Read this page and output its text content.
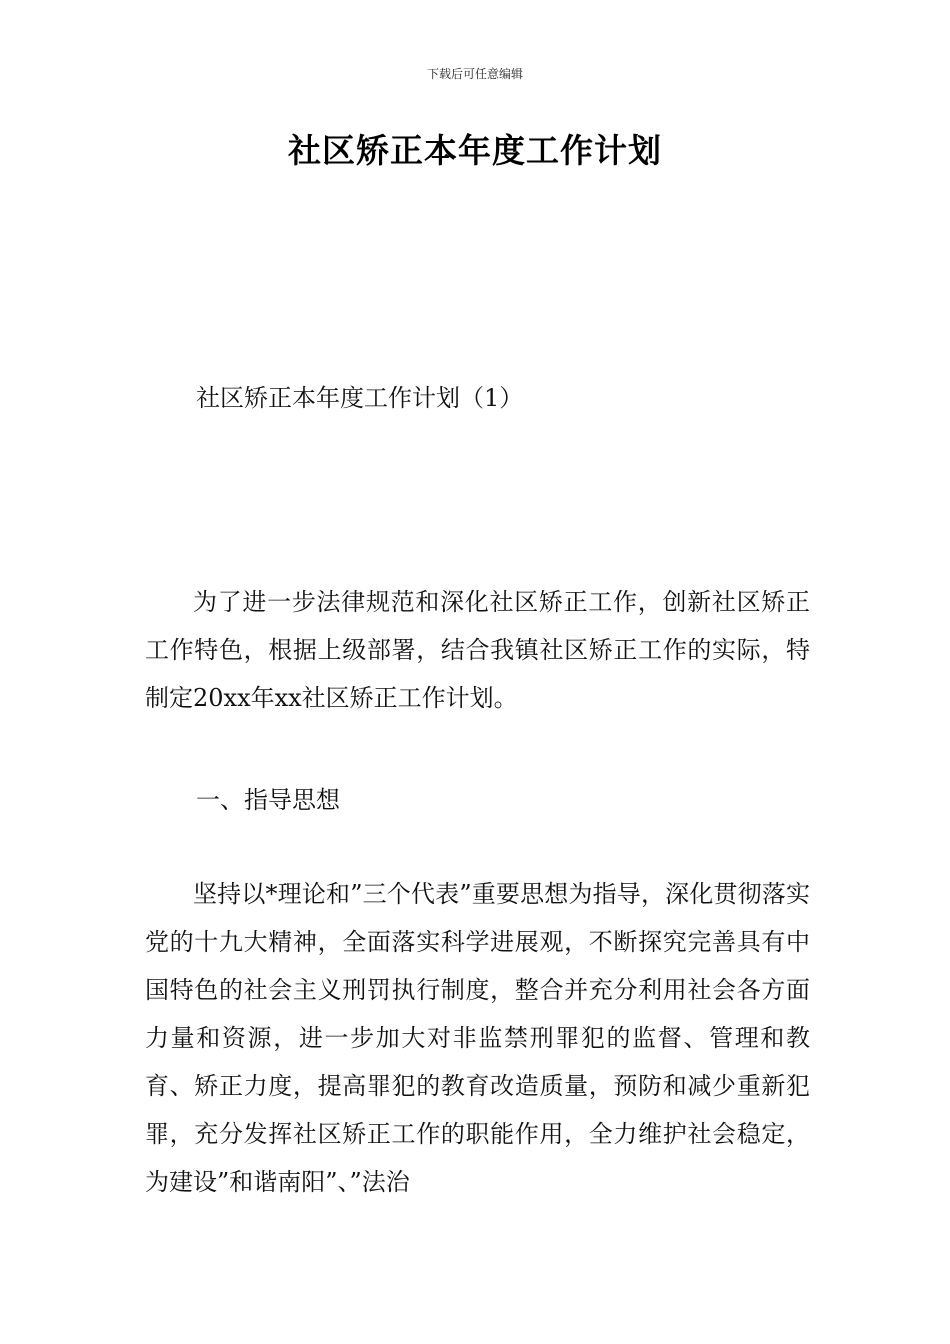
下载后可任意编辑
社区矫正本年度工作计划
社区矫正本年度工作计划（1）

为了进一步法律规范和深化社区矫正工作，创新社区矫正工作特色，根据上级部署，结合我镇社区矫正工作的实际，特制定20xx年xx社区矫正工作计划。

一、指导思想

坚持以*理论和”三个代表”重要思想为指导，深化贯彻落实党的十九大精神，全面落实科学进展观，不断探究完善具有中国特色的社会主义刑罚执行制度，整合并充分利用社会各方面力量和资源，进一步加大对非监禁刑罪犯的监督、管理和教育、矫正力度，提高罪犯的教育改造质量，预防和减少重新犯罪，充分发挥社区矫正工作的职能作用，全力维护社会稳定，为建设”和谐南阳”、”法治
